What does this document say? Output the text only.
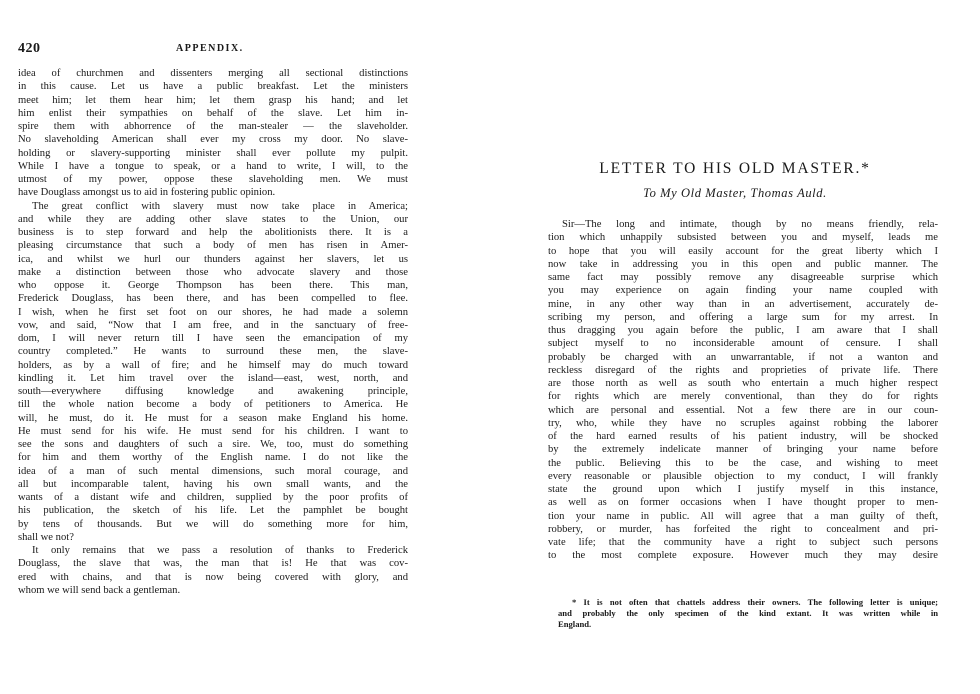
420	APPENDIX.
idea of churchmen and dissenters merging all sectional distinctions
in this cause. Let us have a public breakfast. Let the ministers
meet him; let them hear him; let them grasp his hand; and let
him enlist their sympathies on behalf of the slave. Let him in-
spire them with abhorrence of the man-stealer — the slaveholder.
No slaveholding American shall ever my cross my door. No slave-
holding or slavery-supporting minister shall ever pollute my pulpit.
While I have a tongue to speak, or a hand to write, I will, to the
utmost of my power, oppose these slaveholding men. We must
have Douglass amongst us to aid in fostering public opinion.
The great conflict with slavery must now take place in America;
and while they are adding other slave states to the Union, our
business is to step forward and help the abolitionists there. It is a
pleasing circumstance that such a body of men has risen in Amer-
ica, and whilst we hurl our thunders against her slavers, let us
make a distinction between those who advocate slavery and those
who oppose it. George Thompson has been there. This man,
Frederick Douglass, has been there, and has been compelled to flee.
I wish, when he first set foot on our shores, he had made a solemn
vow, and said, “Now that I am free, and in the sanctuary of free-
dom, I will never return till I have seen the emancipation of my
country completed.” He wants to surround these men, the slave-
holders, as by a wall of fire; and he himself may do much toward
kindling it. Let him travel over the island—east, west, north, and
south—everywhere diffusing knowledge and awakening principle,
till the whole nation become a body of petitioners to America. He
will, he must, do it. He must for a season make England his home.
He must send for his wife. He must send for his children. I want to
see the sons and daughters of such a sire. We, too, must do something
for him and them worthy of the English name. I do not like the
idea of a man of such mental dimensions, such moral courage, and
all but incomparable talent, having his own small wants, and the
wants of a distant wife and children, supplied by the poor profits of
his publication, the sketch of his life. Let the pamphlet be bought
by tens of thousands. But we will do something more for him,
shall we not?
It only remains that we pass a resolution of thanks to Frederick
Douglass, the slave that was, the man that is! He that was cov-
ered with chains, and that is now being covered with glory, and
whom we will send back a gentleman.
LETTER TO HIS OLD MASTER.*
To My Old Master, Thomas Auld.
Sir—The long and intimate, though by no means friendly, rela-
tion which unhappily subsisted between you and myself, leads me
to hope that you will easily account for the great liberty which I
now take in addressing you in this open and public manner. The
same fact may possibly remove any disagreeable surprise which
you may experience on again finding your name coupled with
mine, in any other way than in an advertisement, accurately de-
scribing my person, and offering a large sum for my arrest. In
thus dragging you again before the public, I am aware that I shall
subject myself to no inconsiderable amount of censure. I shall
probably be charged with an unwarrantable, if not a wanton and
reckless disregard of the rights and proprieties of private life. There
are those north as well as south who entertain a much higher respect
for rights which are merely conventional, than they do for rights
which are personal and essential. Not a few there are in our coun-
try, who, while they have no scruples against robbing the laborer
of the hard earned results of his patient industry, will be shocked
by the extremely indelicate manner of bringing your name before
the public. Believing this to be the case, and wishing to meet
every reasonable or plausible objection to my conduct, I will frankly
state the ground upon which I justify myself in this instance,
as well as on former occasions when I have thought proper to men-
tion your name in public. All will agree that a man guilty of theft,
robbery, or murder, has forfeited the right to concealment and pri-
vate life; that the community have a right to subject such persons
to the most complete exposure. However much they may desire
* It is not often that chattels address their owners. The following letter is unique;
and probably the only specimen of the kind extant. It was written while in
England.
